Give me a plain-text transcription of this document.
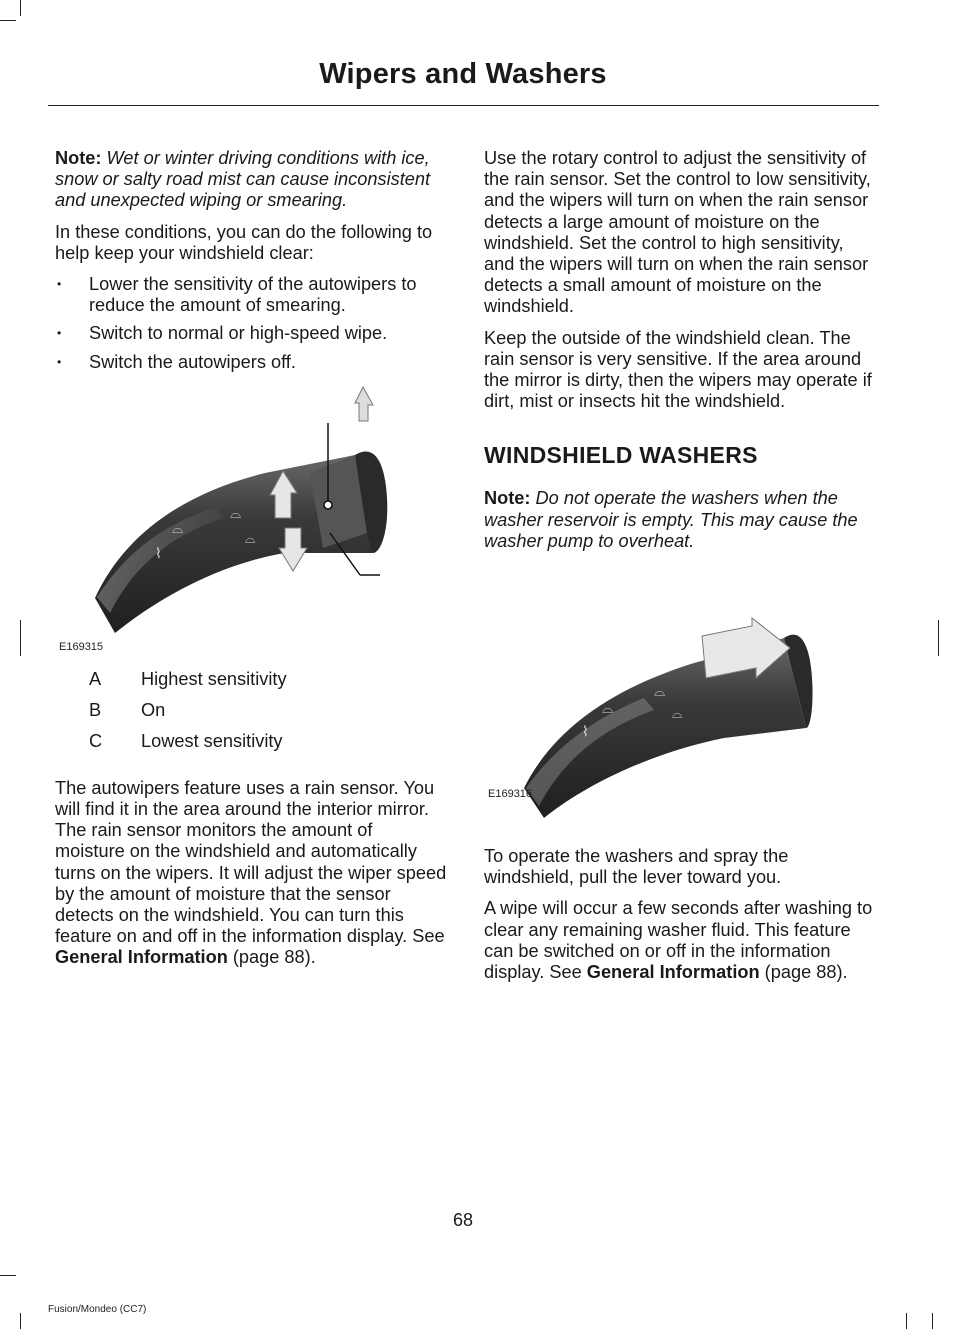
Wipers and Washers

Note: Wet or winter driving conditions with ice, snow or salty road mist can cause inconsistent and unexpected wiping or smearing.

In these conditions, you can do the following to help keep your windshield clear:

• Lower the sensitivity of the autowipers to reduce the amount of smearing.
• Switch to normal or high-speed wipe.
• Switch the autowipers off.
⌇
⌓
⌓
⌓
E169315
A	Highest sensitivity
B	On
C	Lowest sensitivity

The autowipers feature uses a rain sensor. You will find it in the area around the interior mirror. The rain sensor monitors the amount of moisture on the windshield and automatically turns on the wipers. It will adjust the wiper speed by the amount of moisture that the sensor detects on the windshield. You can turn this feature on and off in the information display. See General Information (page 88).

Use the rotary control to adjust the sensitivity of the rain sensor. Set the control to low sensitivity, and the wipers will turn on when the rain sensor detects a large amount of moisture on the windshield. Set the control to high sensitivity, and the wipers will turn on when the rain sensor detects a small amount of moisture on the windshield.

Keep the outside of the windshield clean. The rain sensor is very sensitive. If the area around the mirror is dirty, then the wipers may operate if dirt, mist or insects hit the windshield.

WINDSHIELD WASHERS

Note: Do not operate the washers when the washer reservoir is empty. This may cause the washer pump to overheat.

⌇
⌓
⌓
⌓
E169316

To operate the washers and spray the windshield, pull the lever toward you.

A wipe will occur a few seconds after washing to clear any remaining washer fluid. This feature can be switched on or off in the information display. See General Information (page 88).

68
Fusion/Mondeo (CC7)
